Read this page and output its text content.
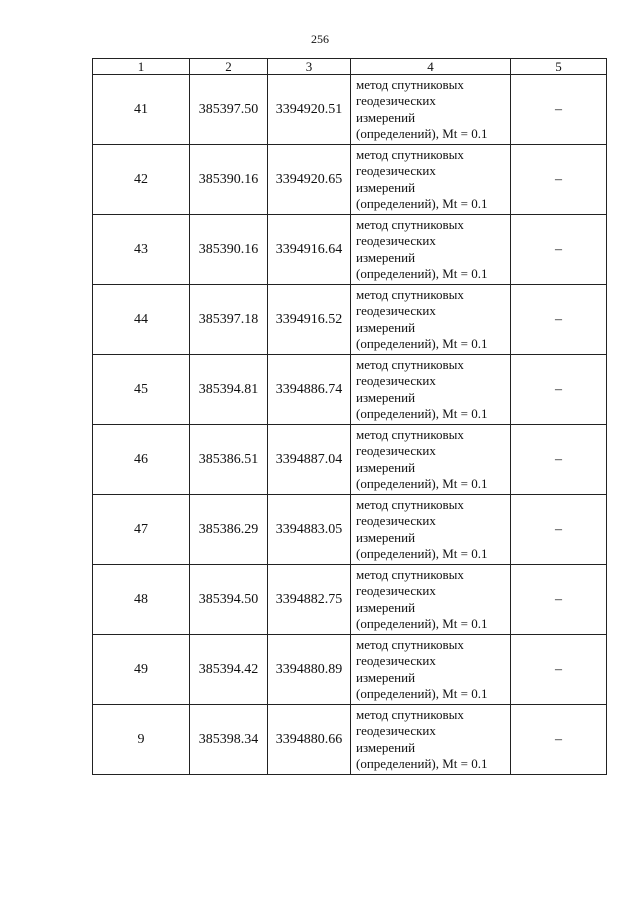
256
1	2	3	4	5
41	385397.50	3394920.51	метод спутниковых
геодезических
измерений
(определений), Mt = 0.1	–
42	385390.16	3394920.65	метод спутниковых
геодезических
измерений
(определений), Mt = 0.1	–
43	385390.16	3394916.64	метод спутниковых
геодезических
измерений
(определений), Mt = 0.1	–
44	385397.18	3394916.52	метод спутниковых
геодезических
измерений
(определений), Mt = 0.1	–
45	385394.81	3394886.74	метод спутниковых
геодезических
измерений
(определений), Mt = 0.1	–
46	385386.51	3394887.04	метод спутниковых
геодезических
измерений
(определений), Mt = 0.1	–
47	385386.29	3394883.05	метод спутниковых
геодезических
измерений
(определений), Mt = 0.1	–
48	385394.50	3394882.75	метод спутниковых
геодезических
измерений
(определений), Mt = 0.1	–
49	385394.42	3394880.89	метод спутниковых
геодезических
измерений
(определений), Mt = 0.1	–
9	385398.34	3394880.66	метод спутниковых
геодезических
измерений
(определений), Mt = 0.1	–
